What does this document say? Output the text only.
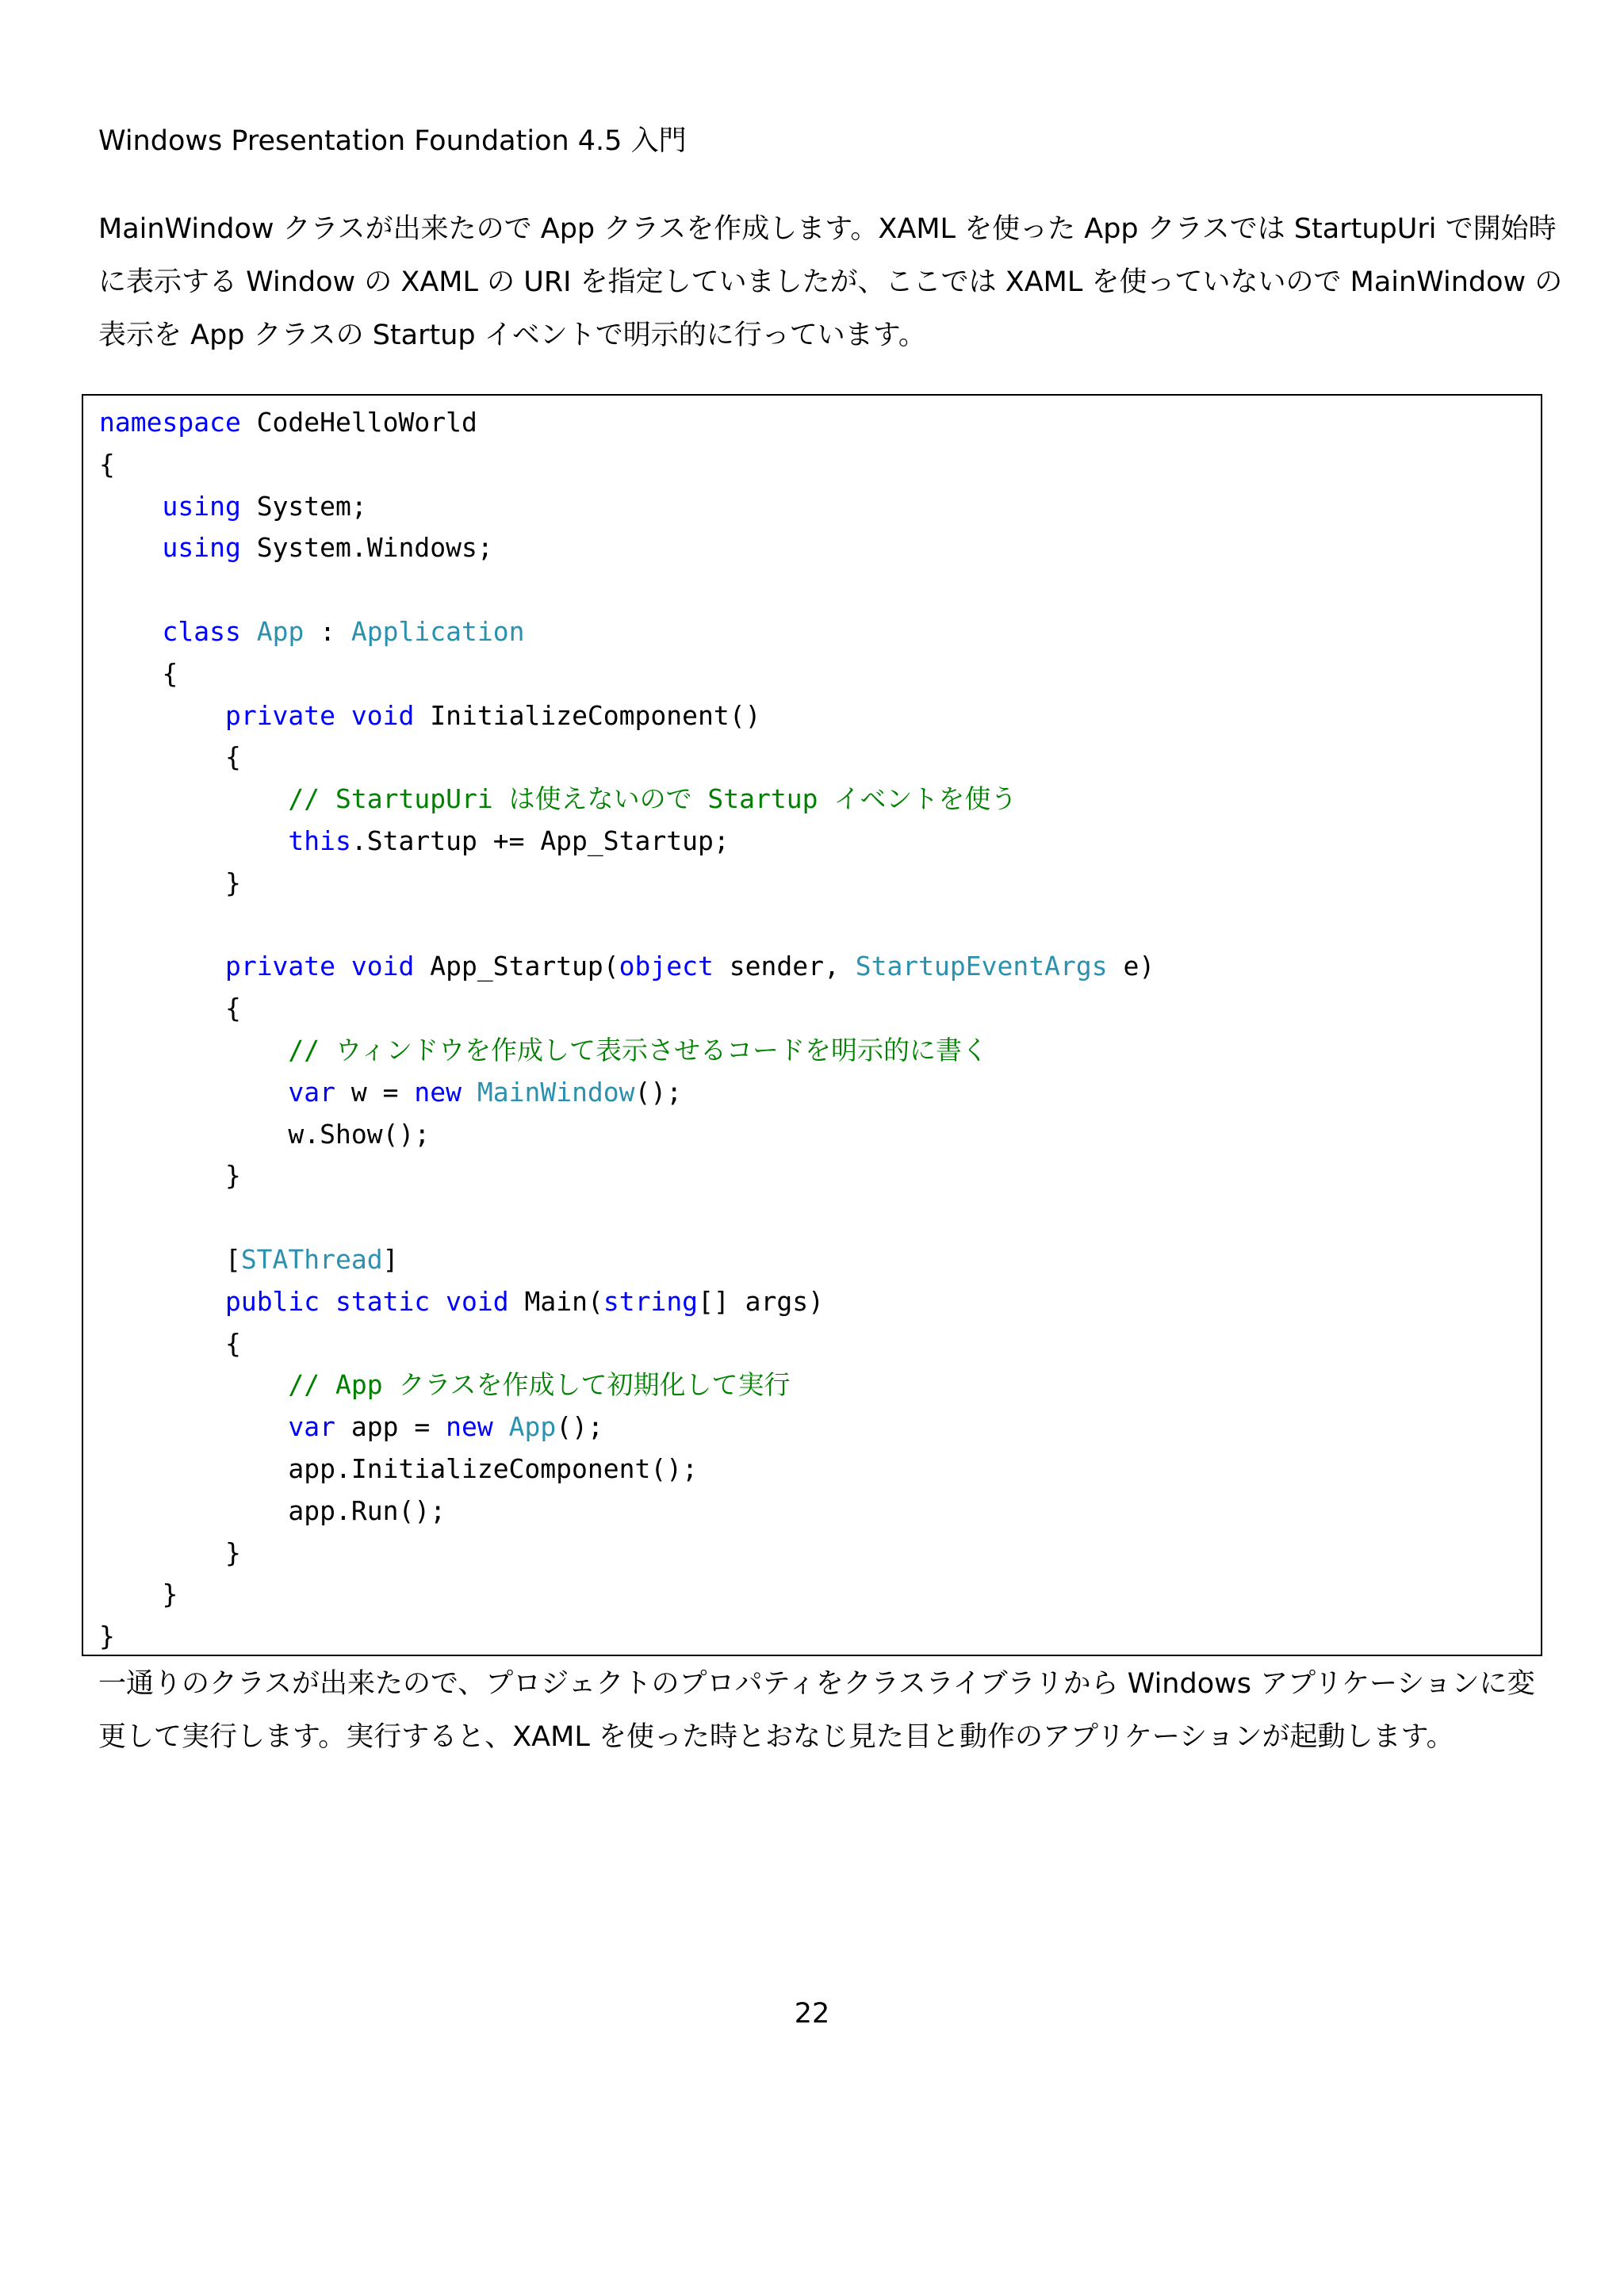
Windows Presentation Foundation 4.5 入門
MainWindow クラスが出来たので App クラスを作成します。XAML を使った App クラスでは StartupUri で開始時
に表示する Window の XAML の URI を指定していましたが、ここでは XAML を使っていないので MainWindow の
表示を App クラスの Startup イベントで明示的に行っています。
namespace CodeHelloWorld
{
using System;
using System.Windows;
class App : Application
{
private void InitializeComponent()
{
// StartupUri は使えないので Startup イベントを使う
this.Startup += App_Startup;
}
private void App_Startup(object sender, StartupEventArgs e)
{
// ウィンドウを作成して表示させるコードを明示的に書く
var w = new MainWindow();
w.Show();
}
[STAThread]
public static void Main(string[] args)
{
// App クラスを作成して初期化して実行
var app = new App();
app.InitializeComponent();
app.Run();
}
}
}
一通りのクラスが出来たので、プロジェクトのプロパティをクラスライブラリから Windows アプリケーションに変
更して実行します。実行すると、XAML を使った時とおなじ見た目と動作のアプリケーションが起動します。
22
